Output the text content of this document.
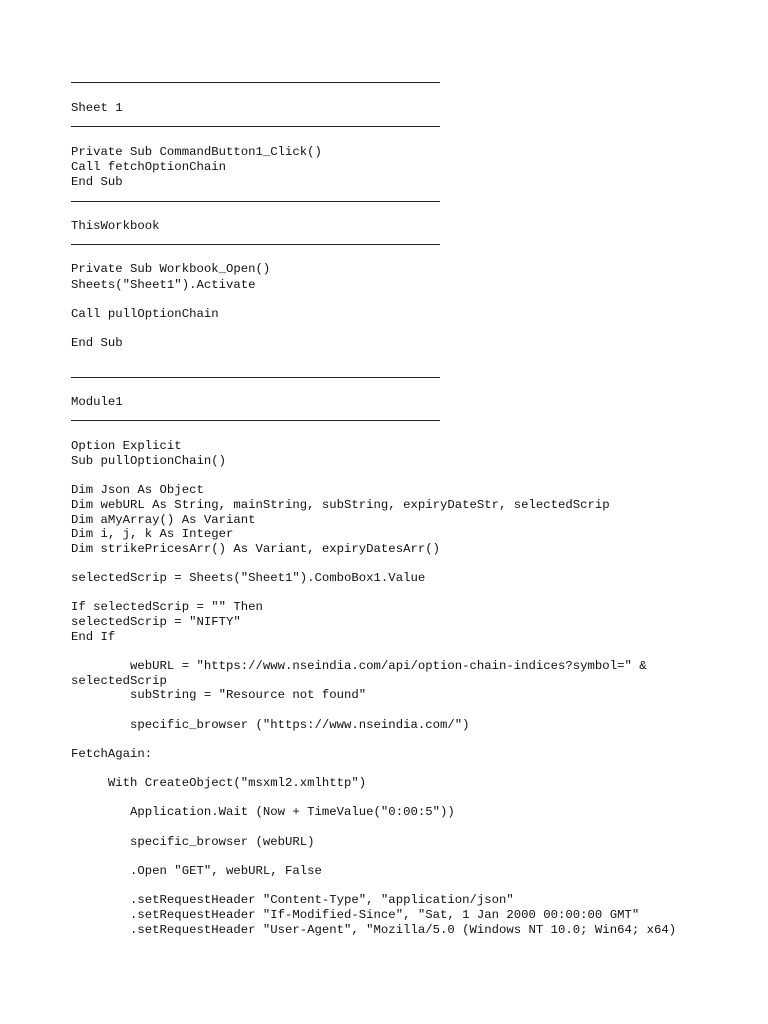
Sheet 1
Private Sub CommandButton1_Click()
Call fetchOptionChain
End Sub
ThisWorkbook
Private Sub Workbook_Open()
Sheets("Sheet1").Activate
Call pullOptionChain
End Sub
Module1
Option Explicit
Sub pullOptionChain()
Dim Json As Object
Dim webURL As String, mainString, subString, expiryDateStr, selectedScrip
Dim aMyArray() As Variant
Dim i, j, k As Integer
Dim strikePricesArr() As Variant, expiryDatesArr()
selectedScrip = Sheets("Sheet1").ComboBox1.Value
If selectedScrip = "" Then
selectedScrip = "NIFTY"
End If
webURL = "https://www.nseindia.com/api/option-chain-indices?symbol=" &
selectedScrip
subString = "Resource not found"
specific_browser ("https://www.nseindia.com/")
FetchAgain:
With CreateObject("msxml2.xmlhttp")
Application.Wait (Now + TimeValue("0:00:5"))
specific_browser (webURL)
.Open "GET", webURL, False
.setRequestHeader "Content-Type", "application/json"
.setRequestHeader "If-Modified-Since", "Sat, 1 Jan 2000 00:00:00 GMT"
.setRequestHeader "User-Agent", "Mozilla/5.0 (Windows NT 10.0; Win64; x64)
